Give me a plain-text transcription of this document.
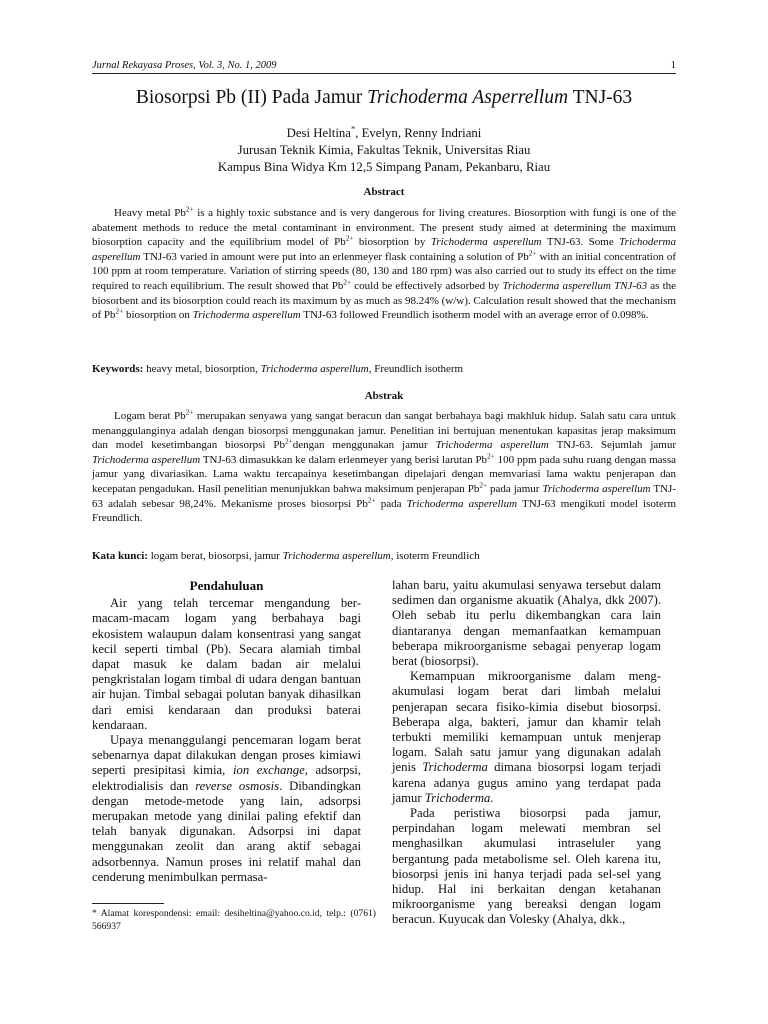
Jurnal Rekayasa Proses, Vol. 3, No. 1, 2009	1
Biosorpsi Pb (II) Pada Jamur Trichoderma Asperrellum TNJ-63

Desi Heltina*, Evelyn, Renny Indriani

Jurusan Teknik Kimia, Fakultas Teknik, Universitas Riau

Kampus Bina Widya Km 12,5 Simpang Panam, Pekanbaru, Riau

Abstract

Heavy metal $Pb^{2+}$ is a highly toxic substance and is very dangerous for living creatures. Biosorption with fungi is one of the abatement methods to reduce the metal contaminant in environment. The present study aimed at determining the maximum biosorption capacity and the equilibrium model of $Pb^{2+}$ biosorption by Trichoderma asperellum TNJ-63. Some Trichoderma asperellum TNJ-63 varied in amount were put into an erlenmeyer flask containing a solution of $Pb^{2+}$ with an initial concentration of 100 ppm at room temperature. Variation of stirring speeds (80, 130 and 180 rpm) was also carried out to study its effect on the time required to reach equilibrium. The result showed that $Pb^{2+}$ could be effectively adsorbed by Trichoderma asperellum TNJ-63 as the biosorbent and its biosorption could reach its maximum by as much as 98.24% (w/w). Calculation result showed that the mechanism of $Pb^{2+}$ biosorption on Trichoderma asperellum TNJ-63 followed Freundlich isotherm model with an average error of 0.098%.

Keywords: heavy metal, biosorption, Trichoderma asperellum, Freundlich isotherm
Abstrak

Logam berat $Pb^{2+}$ merupakan senyawa yang sangat beracun dan sangat berbahaya bagi makhluk hidup. Salah satu cara untuk menanggulanginya adalah dengan biosorpsi menggunakan jamur. Penelitian ini bertujuan menentukan kapasitas jerap maksimum dan model kesetimbangan biosorpsi $Pb^{2+}dengan$ menggunakan jamur Trichoderma asperellum TNJ-63. Sejumlah jamur Trichoderma asperellum TNJ-63 dimasukkan ke dalam erlenmeyer yang berisi larutan $Pb^{2+}$ 100 ppm pada suhu ruang dengan massa jamur yang divariasikan. Lama waktu tercapainya kesetimbangan dipelajari dengan memvariasi lama waktu penjerapan dan kecepatan pengadukan. Hasil penelitian menunjukkan bahwa maksimum penjerapan $Pb^{2+}$ pada jamur Trichoderma asperellum TNJ-63 adalah sebesar 98,24%. Mekanisme proses biosorpsi $Pb^{2+}$ pada Trichoderma asperellum TNJ-63 mengikuti model isoterm Freundlich.

Kata kunci: logam berat, biosorpsi, jamur Trichoderma asperellum, isoterm Freundlich
Pendahuluan

Air yang telah tercemar mengandung ber-macam-macam logam yang berbahaya bagi ekosistem walaupun dalam konsentrasi yang sangat kecil seperti timbal (Pb). Secara alamiah timbal dapat masuk ke dalam badan air melalui pengkristalan logam timbal di udara dengan bantuan air hujan. Timbal sebagai polutan banyak dihasilkan dari emisi kendaraan dan produksi baterai kendaraan.

Upaya menanggulangi pencemaran logam berat sebenarnya dapat dilakukan dengan proses kimiawi seperti presipitasi kimia, ion exchange, adsorpsi, elektrodialisis dan reverse osmosis. Dibandingkan dengan metode-metode yang lain, adsorpsi merupakan metode yang dinilai paling efektif dan telah banyak digunakan. Adsorpsi ini dapat menggunakan zeolit dan arang aktif sebagai adsorbennya. Namun proses ini relatif mahal dan cenderung menimbulkan permasa-

lahan baru, yaitu akumulasi senyawa tersebut dalam sedimen dan organisme akuatik (Ahalya, dkk 2007). Oleh sebab itu perlu dikembangkan cara lain diantaranya dengan memanfaatkan kemampuan beberapa mikroorganisme sebagai penyerap logam berat (biosorpsi).

Kemampuan mikroorganisme dalam meng-akumulasi logam berat dari limbah melalui penjerapan secara fisiko-kimia disebut biosorpsi. Beberapa alga, bakteri, jamur dan khamir telah terbukti memiliki kemampuan untuk menjerap logam. Salah satu jamur yang digunakan adalah jenis Trichoderma dimana biosorpsi logam terjadi karena adanya gugus amino yang terdapat pada jamur Trichoderma.

Pada peristiwa biosorpsi pada jamur, perpindahan logam melewati membran sel menghasilkan akumulasi intraseluler yang bergantung pada metabolisme sel. Oleh karena itu, biosorpsi jenis ini hanya terjadi pada sel-sel yang hidup. Hal ini berkaitan dengan ketahanan mikroorganisme yang bereaksi dengan logam beracun. Kuyucak dan Volesky (Ahalya, dkk.,

* Alamat korespondensi: email: desiheltina@yahoo.co.id, telp.: (0761) 566937
